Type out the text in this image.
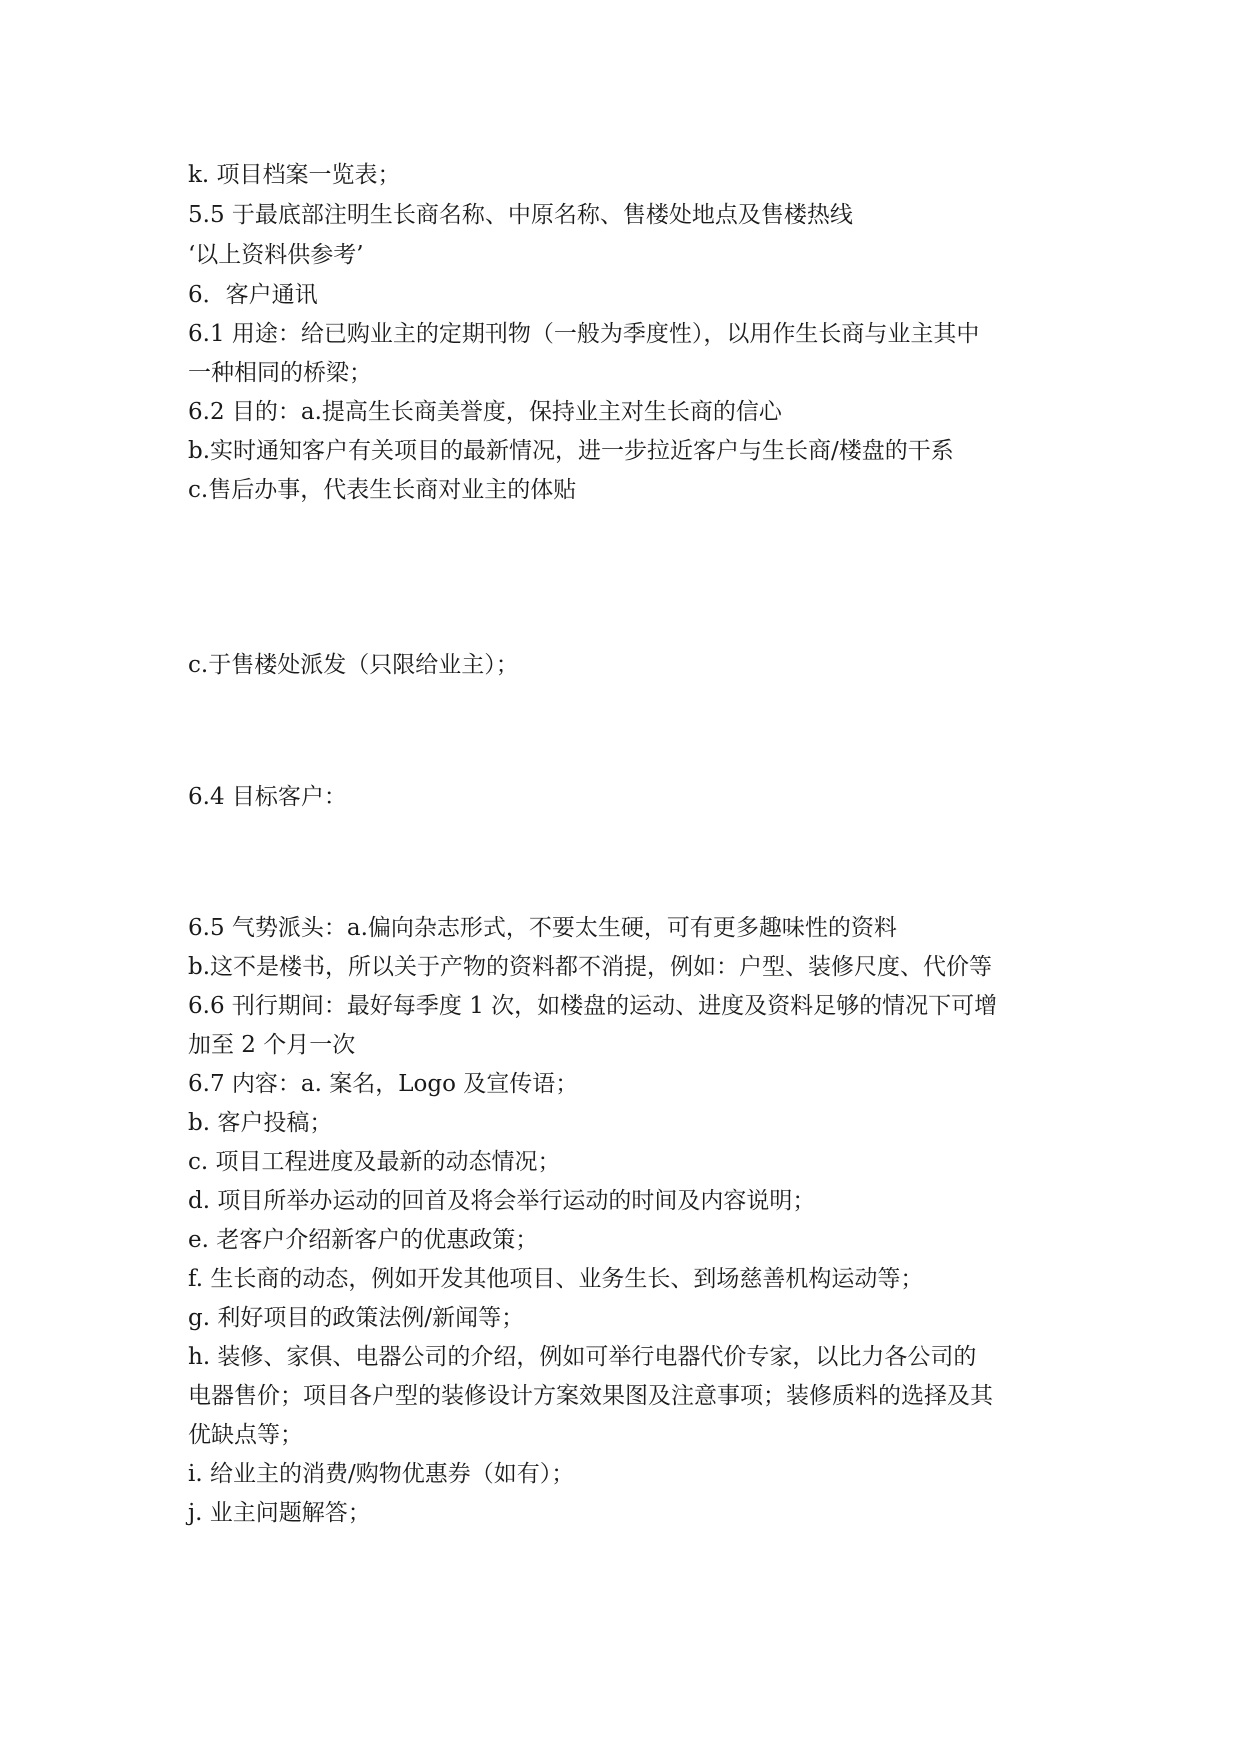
k. 项目档案一览表；
5.5 于最底部注明生长商名称、中原名称、售楼处地点及售楼热线
‘以上资料供参考’
6．客户通讯
6.1 用途：给已购业主的定期刊物（一般为季度性），以用作生长商与业主其中
一种相同的桥梁；
6.2 目的：a.提高生长商美誉度，保持业主对生长商的信心
b.实时通知客户有关项目的最新情况，进一步拉近客户与生长商/楼盘的干系
c.售后办事，代表生长商对业主的体贴
c.于售楼处派发（只限给业主）；
6.4 目标客户：
6.5 气势派头：a.偏向杂志形式，不要太生硬，可有更多趣味性的资料
b.这不是楼书，所以关于产物的资料都不消提，例如：户型、装修尺度、代价等
6.6 刊行期间：最好每季度 1 次，如楼盘的运动、进度及资料足够的情况下可增
加至 2 个月一次
6.7 内容：a. 案名，Logo 及宣传语；
b. 客户投稿；
c. 项目工程进度及最新的动态情况；
d. 项目所举办运动的回首及将会举行运动的时间及内容说明；
e. 老客户介绍新客户的优惠政策；
f. 生长商的动态，例如开发其他项目、业务生长、到场慈善机构运动等；
g. 利好项目的政策法例/新闻等；
h. 装修、家俱、电器公司的介绍，例如可举行电器代价专家，以比力各公司的
电器售价；项目各户型的装修设计方案效果图及注意事项；装修质料的选择及其
优缺点等；
i. 给业主的消费/购物优惠券（如有）；
j. 业主问题解答；
